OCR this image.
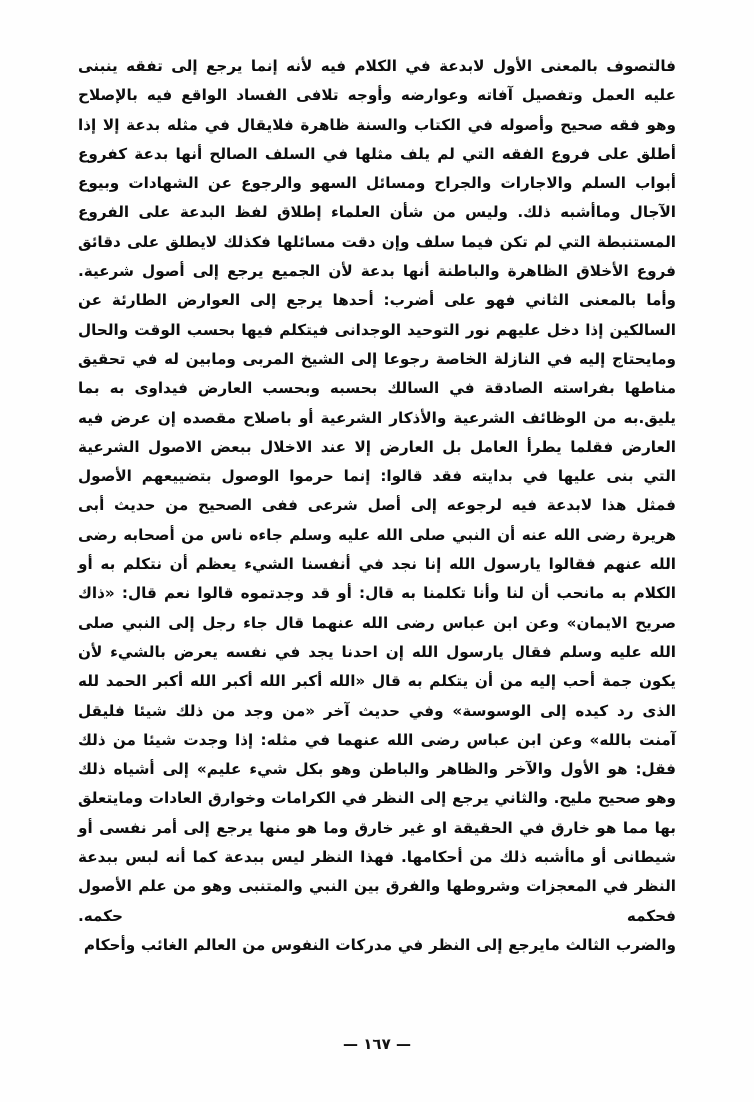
فالتصوف بالمعنى الأول لابدعة في الكلام فيه لأنه إنما يرجع إلى تفقه ينبنى عليه العمل وتفصيل آفاته وعوارضه وأوجه تلافى الفساد الواقع فيه بالإصلاح وهو فقه صحيح وأصوله في الكتاب والسنة ظاهرة فلايقال في مثله بدعة إلا إذا أطلق على فروع الفقه التي لم يلف مثلها في السلف الصالح أنها بدعة كفروع أبواب السلم والاجارات والجراح ومسائل السهو والرجوع عن الشهادات وبيوع الآجال وماأشبه ذلك. وليس من شأن العلماء إطلاق لفظ البدعة على الفروع المستنبطة التي لم تكن فيما سلف وإن دقت مسائلها فكذلك لايطلق على دقائق فروع الأخلاق الظاهرة والباطنة أنها بدعة لأن الجميع يرجع إلى أصول شرعية. وأما بالمعنى الثاني فهو على أضرب: أحدها يرجع إلى العوارض الطارئة عن السالكين إذا دخل عليهم نور التوحيد الوجدانى فيتكلم فيها بحسب الوقت والحال ومايحتاج إليه في النازلة الخاصة رجوعا إلى الشيخ المربى ومابين له في تحقيق مناطها بفراسته الصادقة في السالك بحسبه وبحسب العارض فيداوى به بما يليق.به من الوظائف الشرعية والأذكار الشرعية أو باصلاح مقصده إن عرض فيه العارض فقلما يطرأ العامل بل العارض إلا عند الاخلال ببعض الاصول الشرعية التي بنى عليها في بدايته فقد قالوا: إنما حرموا الوصول بتضييعهم الأصول فمثل هذا لابدعة فيه لرجوعه إلى أصل شرعى ففى الصحيح من حديث أبى هريرة رضى الله عنه أن النبي صلى الله عليه وسلم جاءه ناس من أصحابه رضى الله عنهم فقالوا يارسول الله إنا نجد في أنفسنا الشيء يعظم أن نتكلم به أو الكلام به مانحب أن لنا وأنا تكلمنا به قال: أو قد وجدتموه قالوا نعم قال: «ذاك صريح الايمان» وعن ابن عباس رضى الله عنهما قال جاء رجل إلى النبي صلى الله عليه وسلم فقال يارسول الله إن احدنا يجد في نفسه يعرض بالشيء لأن يكون جمة أحب إليه من أن يتكلم به قال «الله أكبر الله أكبر الله أكبر الحمد لله الذى رد كيده إلى الوسوسة» وفي حديث آخر «من وجد من ذلك شيئا فليقل آمنت بالله» وعن ابن عباس رضى الله عنهما في مثله: إذا وجدت شيئا من ذلك فقل: هو الأول والآخر والظاهر والباطن وهو بكل شيء عليم» إلى أشياه ذلك وهو صحيح مليح. والثاني يرجع إلى النظر في الكرامات وخوارق العادات ومايتعلق بها مما هو خارق في الحقيقة او غير خارق وما هو منها يرجع إلى أمر نفسى أو شيطانى أو ماأشبه ذلك من أحكامها. فهذا النظر ليس ببدعة كما أنه لبس ببدعة النظر في المعجزات وشروطها والفرق بين النبي والمتنبى وهو من علم الأصول فحكمه حكمه.

والضرب الثالث مايرجع إلى النظر في مدركات النفوس من العالم الغائب وأحكام

— ١٦٧ —
